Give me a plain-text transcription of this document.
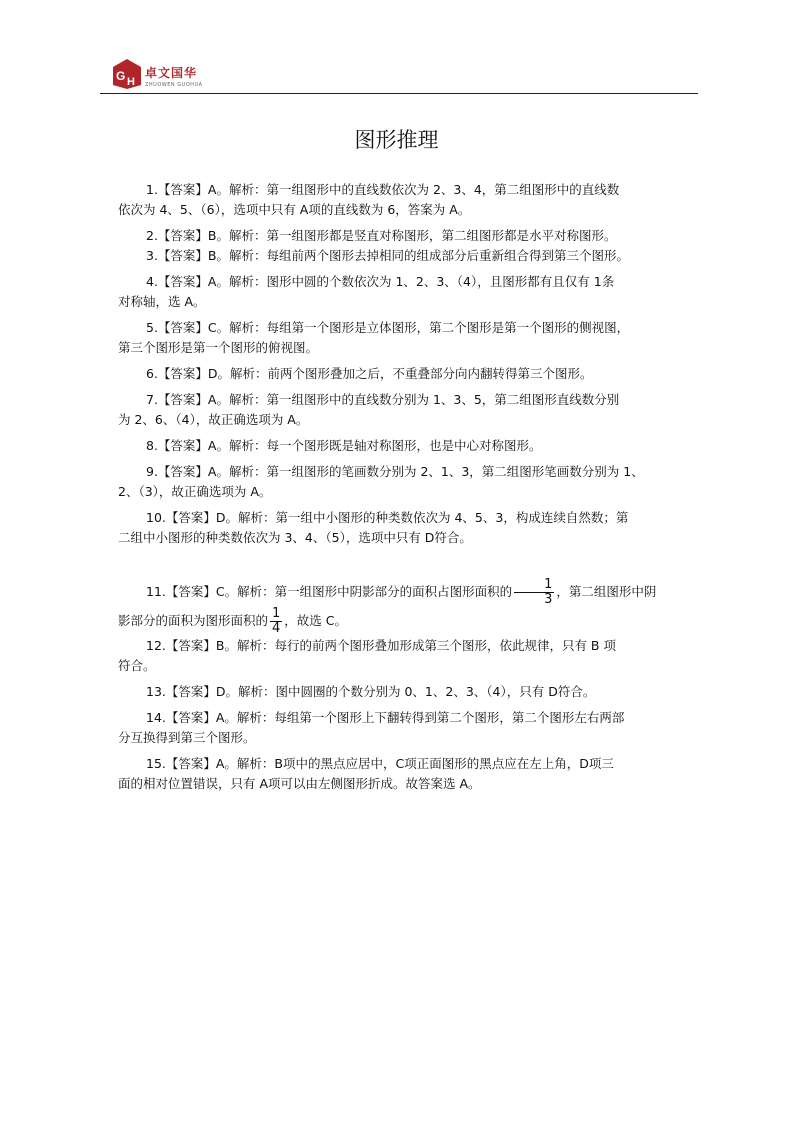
G H
卓文国华
ZHUOWEN GUOHUA
图形推理
1.【答案】A。解析：第一组图形中的直线数依次为 2、3、4，第二组图形中的直线数
依次为 4、5、（6），选项中只有 A项的直线数为 6，答案为 A。
2.【答案】B。解析：第一组图形都是竖直对称图形，第二组图形都是水平对称图形。
3.【答案】B。解析：每组前两个图形去掉相同的组成部分后重新组合得到第三个图形。
4.【答案】A。解析：图形中圆的个数依次为 1、2、3、（4），且图形都有且仅有 1条
对称轴，选 A。
5.【答案】C。解析：每组第一个图形是立体图形，第二个图形是第一个图形的侧视图，
第三个图形是第一个图形的俯视图。
6.【答案】D。解析：前两个图形叠加之后，不重叠部分向内翻转得第三个图形。
7.【答案】A。解析：第一组图形中的直线数分别为 1、3、5，第二组图形直线数分别
为 2、6、（4），故正确选项为 A。
8.【答案】A。解析：每一个图形既是轴对称图形，也是中心对称图形。
9.【答案】A。解析：第一组图形的笔画数分别为 2、1、3，第二组图形笔画数分别为 1、
2、（3），故正确选项为 A。
10.【答案】D。解析：第一组中小图形的种类数依次为 4、5、3，构成连续自然数；第
二组中小图形的种类数依次为 3、4、（5），选项中只有 D符合。
11.【答案】C。解析：第一组图形中阴影部分的面积占图形面积的 $\frac{1}{3}$ ，第二组图形中阴
影部分的面积为图形面积的 $\frac{1}{4}$ ，故选 C。
12.【答案】B。解析：每行的前两个图形叠加形成第三个图形，依此规律，只有 B 项
符合。
13.【答案】D。解析：图中圆圈的个数分别为 0、1、2、3、（4），只有 D符合。
14.【答案】A。解析：每组第一个图形上下翻转得到第二个图形，第二个图形左右两部
分互换得到第三个图形。
15.【答案】A。解析：B项中的黑点应居中，C项正面图形的黑点应在左上角，D项三
面的相对位置错误，只有 A项可以由左侧图形折成。故答案选 A。
